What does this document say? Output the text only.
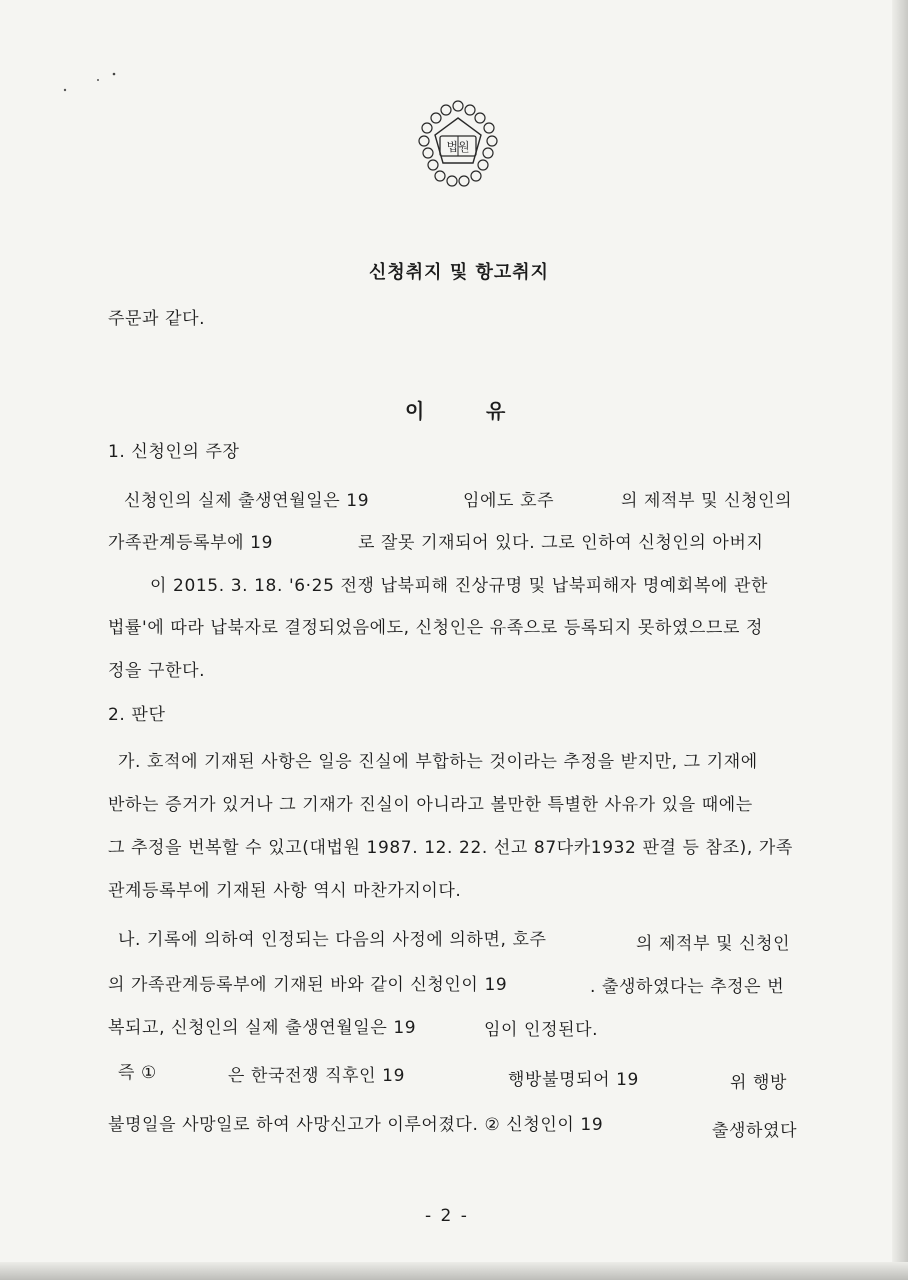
법원
신청취지 및 항고취지
주문과 같다.
이	유
1. 신청인의 주장
신청인의 실제 출생연월일은 19	임에도 호주	의 제적부 및 신청인의
가족관계등록부에 19	로 잘못 기재되어 있다. 그로 인하여 신청인의 아버지
이 2015. 3. 18. '6·25 전쟁 납북피해 진상규명 및 납북피해자 명예회복에 관한
법률'에 따라 납북자로 결정되었음에도, 신청인은 유족으로 등록되지 못하였으므로 정
정을 구한다.
2. 판단
가. 호적에 기재된 사항은 일응 진실에 부합하는 것이라는 추정을 받지만, 그 기재에
반하는 증거가 있거나 그 기재가 진실이 아니라고 볼만한 특별한 사유가 있을 때에는
그 추정을 번복할 수 있고(대법원 1987. 12. 22. 선고 87다카1932 판결 등 참조), 가족
관계등록부에 기재된 사항 역시 마찬가지이다.
나. 기록에 의하여 인정되는 다음의 사정에 의하면, 호주	의 제적부 및 신청인
의 가족관계등록부에 기재된 바와 같이 신청인이 19	. 출생하였다는 추정은 번
복되고, 신청인의 실제 출생연월일은 19	임이 인정된다.
즉 ①	은 한국전쟁 직후인 19	행방불명되어 19	위 행방
불명일을 사망일로 하여 사망신고가 이루어졌다. ② 신청인이 19	출생하였다
- 2 -
